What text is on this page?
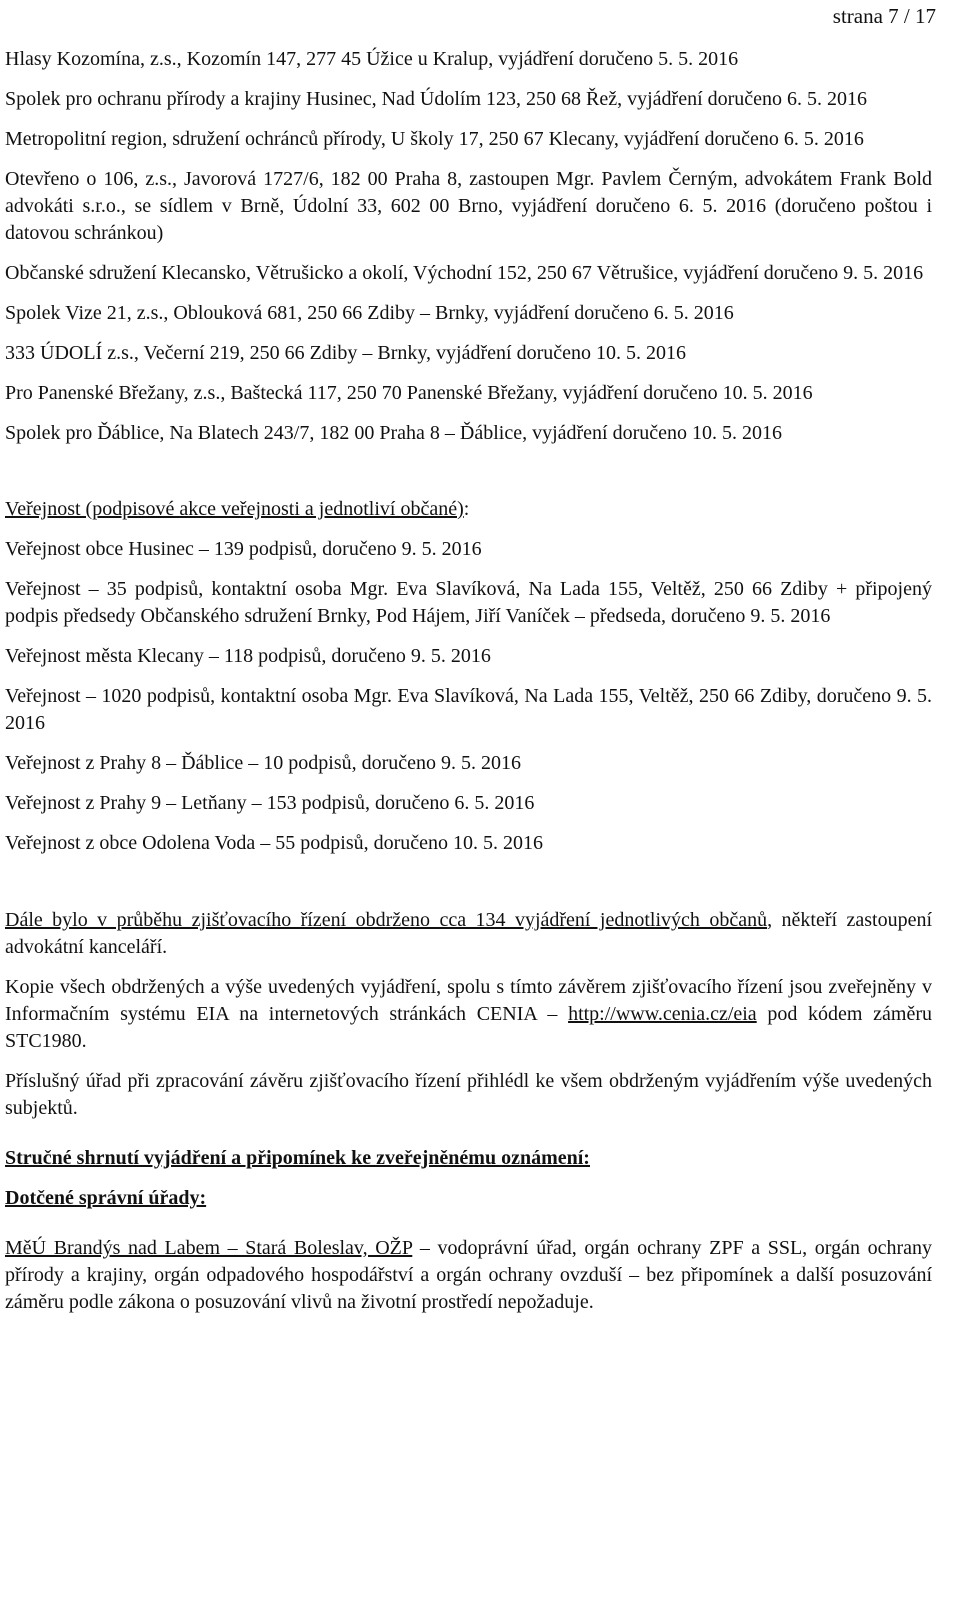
strana 7 / 17

Hlasy Kozomína, z.s., Kozomín 147, 277 45 Úžice u Kralup, vyjádření doručeno 5. 5. 2016

Spolek pro ochranu přírody a krajiny Husinec, Nad Údolím 123, 250 68 Řež, vyjádření doručeno 6. 5. 2016

Metropolitní region, sdružení ochránců přírody, U školy 17, 250 67 Klecany, vyjádření doručeno 6. 5. 2016

Otevřeno o 106, z.s., Javorová 1727/6, 182 00 Praha 8, zastoupen Mgr. Pavlem Černým, advokátem Frank Bold advokáti s.r.o., se sídlem v Brně, Údolní 33, 602 00 Brno, vyjádření doručeno 6. 5. 2016 (doručeno poštou i datovou schránkou)

Občanské sdružení Klecansko, Větrušicko a okolí, Východní 152, 250 67 Větrušice, vyjádření doručeno 9. 5. 2016

Spolek Vize 21, z.s., Oblouková 681, 250 66 Zdiby – Brnky, vyjádření doručeno 6. 5. 2016

333 ÚDOLÍ z.s., Večerní 219, 250 66 Zdiby – Brnky, vyjádření doručeno 10. 5. 2016

Pro Panenské Břežany, z.s., Baštecká 117, 250 70 Panenské Břežany, vyjádření doručeno 10. 5. 2016

Spolek pro Ďáblice, Na Blatech 243/7, 182 00 Praha 8 – Ďáblice, vyjádření doručeno 10. 5. 2016

Veřejnost (podpisové akce veřejnosti a jednotliví občané):

Veřejnost obce Husinec – 139 podpisů, doručeno 9. 5. 2016

Veřejnost – 35 podpisů, kontaktní osoba Mgr. Eva Slavíková, Na Lada 155, Veltěž, 250 66 Zdiby + připojený podpis předsedy Občanského sdružení Brnky, Pod Hájem, Jiří Vaníček – předseda, doručeno 9. 5. 2016

Veřejnost města Klecany – 118 podpisů, doručeno 9. 5. 2016

Veřejnost – 1020 podpisů, kontaktní osoba Mgr. Eva Slavíková, Na Lada 155, Veltěž, 250 66 Zdiby, doručeno 9. 5. 2016

Veřejnost z Prahy 8 – Ďáblice – 10 podpisů, doručeno 9. 5. 2016

Veřejnost z Prahy 9 – Letňany – 153 podpisů, doručeno 6. 5. 2016

Veřejnost z obce Odolena Voda – 55 podpisů, doručeno 10. 5. 2016

Dále bylo v průběhu zjišťovacího řízení obdrženo cca 134 vyjádření jednotlivých občanů, někteří zastoupení advokátní kanceláří.

Kopie všech obdržených a výše uvedených vyjádření, spolu s tímto závěrem zjišťovacího řízení jsou zveřejněny v Informačním systému EIA na internetových stránkách CENIA – http://www.cenia.cz/eia pod kódem záměru STC1980.

Příslušný úřad při zpracování závěru zjišťovacího řízení přihlédl ke všem obdrženým vyjádřením výše uvedených subjektů.

Stručné shrnutí vyjádření a připomínek ke zveřejněnému oznámení:

Dotčené správní úřady:

MěÚ Brandýs nad Labem – Stará Boleslav, OŽP – vodoprávní úřad, orgán ochrany ZPF a SSL, orgán ochrany přírody a krajiny, orgán odpadového hospodářství a orgán ochrany ovzduší – bez připomínek a další posuzování záměru podle zákona o posuzování vlivů na životní prostředí nepožaduje.
